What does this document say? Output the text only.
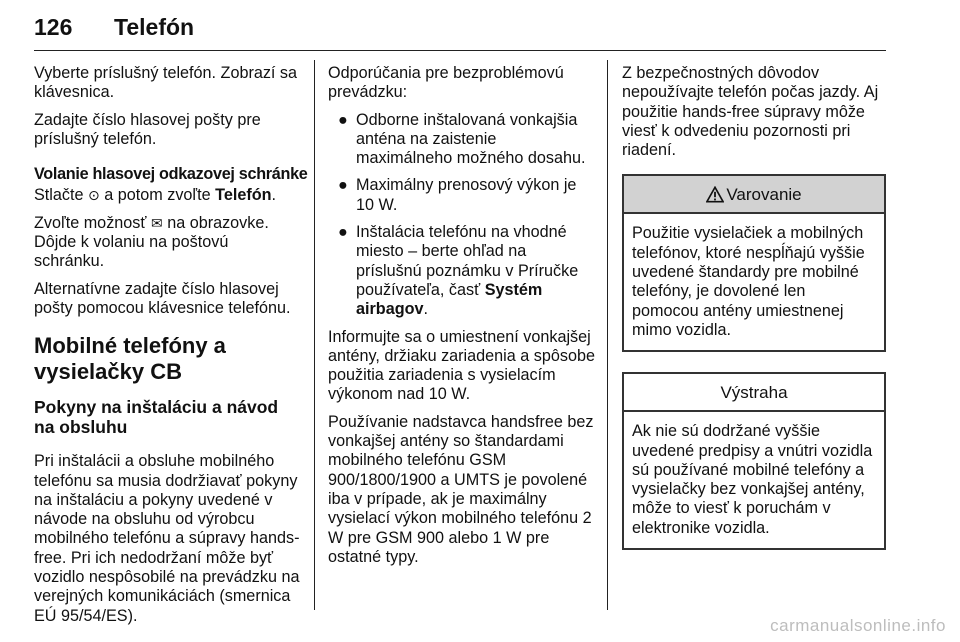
126 Telefón

Vyberte príslušný telefón. Zobrazí sa klávesnica.

Zadajte číslo hlasovej pošty pre príslušný telefón.

Volanie hlasovej odkazovej schránke

Stlačte ⊙ a potom zvoľte Telefón.

Zvoľte možnosť ✉ na obrazovke. Dôjde k volaniu na poštovú schránku.

Alternatívne zadajte číslo hlasovej pošty pomocou klávesnice telefónu.

Mobilné telefóny a vysielačky CB
Pokyny na inštaláciu a návod na obsluhu

Pri inštalácii a obsluhe mobilného telefónu sa musia dodržiavať pokyny na inštaláciu a pokyny uvedené v návode na obsluhu od výrobcu mobilného telefónu a súpravy hands-free. Pri ich nedodržaní môže byť vozidlo nespôsobilé na prevádzku na verejných komunikáciách (smernica EÚ 95/54/ES).

Odporúčania pre bezproblémovú prevádzku:

● Odborne inštalovaná vonkajšia anténa na zaistenie maximálneho možného dosahu.
● Maximálny prenosový výkon je 10 W.
● Inštalácia telefónu na vhodné miesto – berte ohľad na príslušnú poznámku v Príručke používateľa, časť Systém airbagov.

Informujte sa o umiestnení vonkajšej antény, držiaku zariadenia a spôsobe použitia zariadenia s vysielacím výkonom nad 10 W.

Používanie nadstavca handsfree bez vonkajšej antény so štandardami mobilného telefónu GSM 900/1800/1900 a UMTS je povolené iba v prípade, ak je maximálny vysielací výkon mobilného telefónu 2 W pre GSM 900 alebo 1 W pre ostatné typy.

Z bezpečnostných dôvodov nepoužívajte telefón počas jazdy. Aj použitie hands-free súpravy môže viesť k odvedeniu pozornosti pri riadení.

Varovanie
Použitie vysielačiek a mobilných telefónov, ktoré nespĺňajú vyššie uvedené štandardy pre mobilné telefóny, je dovolené len pomocou antény umiestnenej mimo vozidla.
Výstraha
Ak nie sú dodržané vyššie uvedené predpisy a vnútri vozidla sú používané mobilné telefóny a vysielačky bez vonkajšej antény, môže to viesť k poruchám v elektronike vozidla.
carmanualsonline.info
